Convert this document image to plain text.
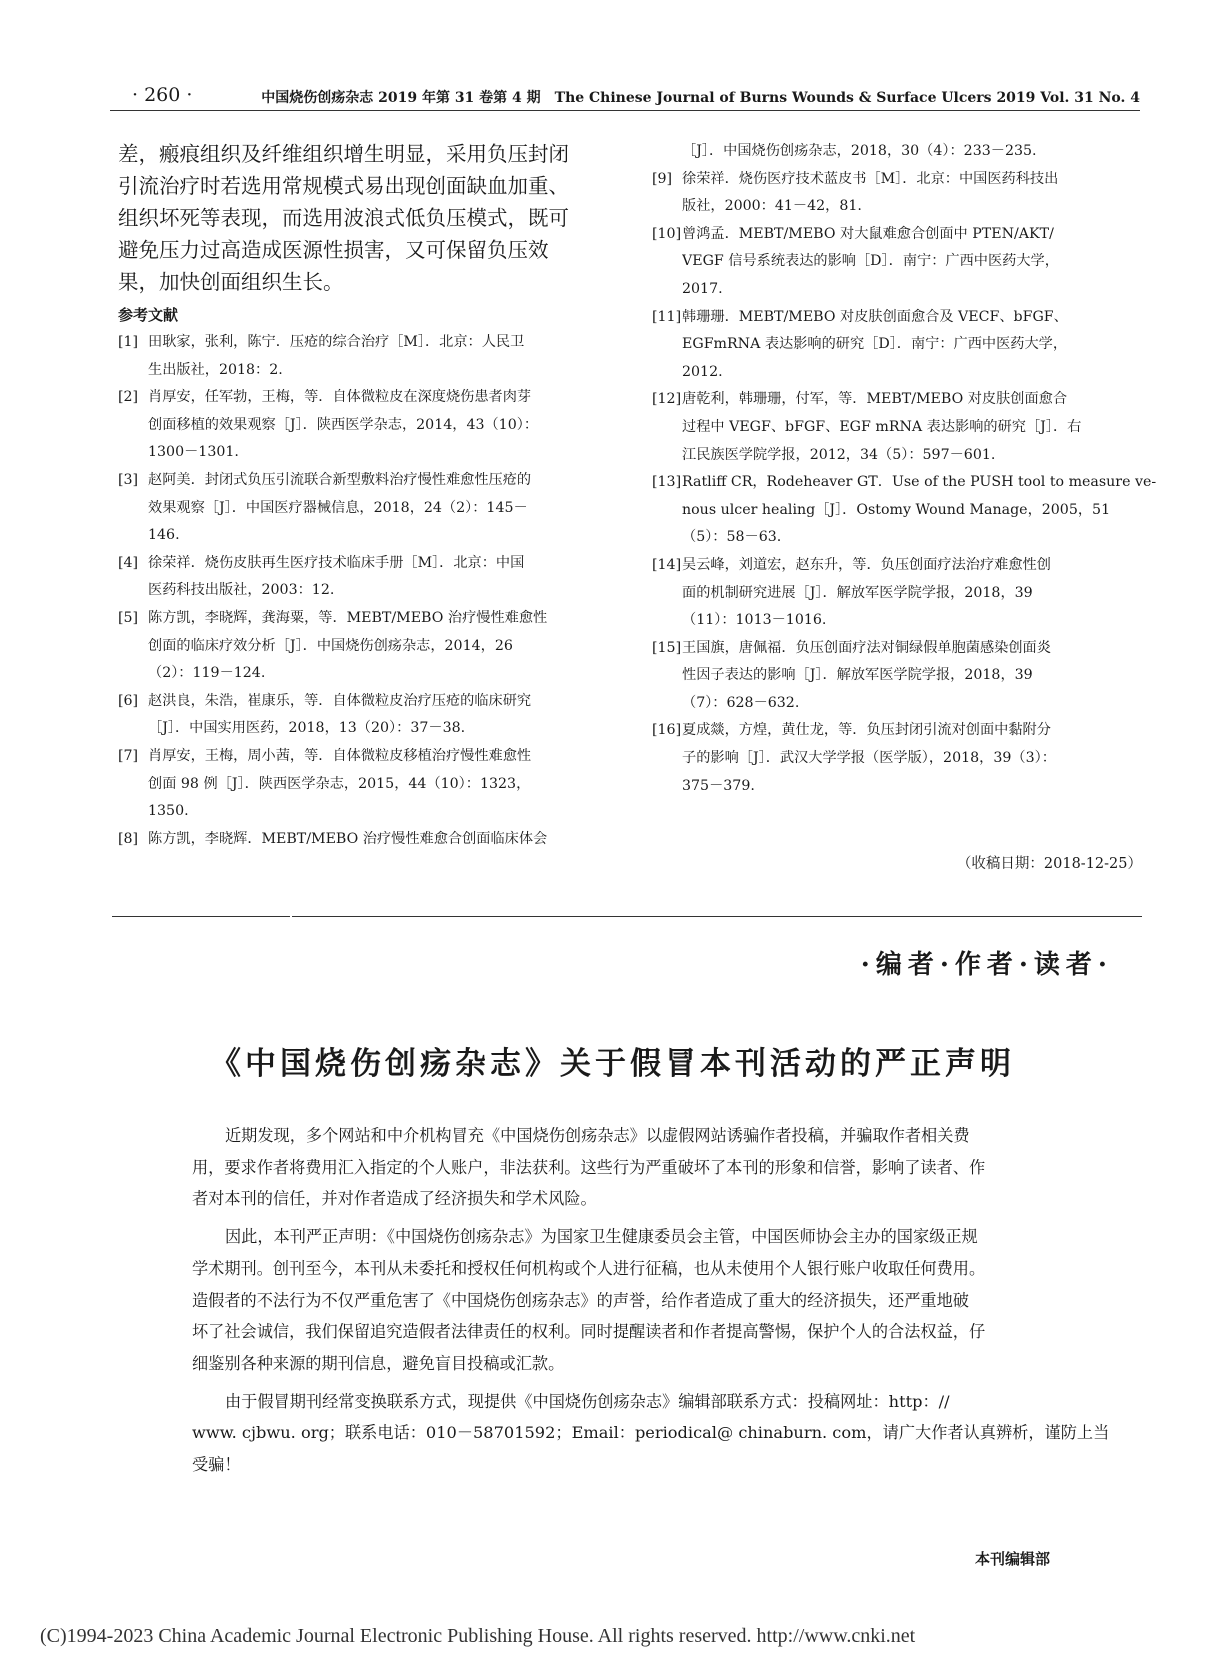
· 260 ·	中国烧伤创疡杂志 2019 年第 31 卷第 4 期　The Chinese Journal of Burns Wounds & Surface Ulcers 2019 Vol. 31 No. 4
差，瘢痕组织及纤维组织增生明显，采用负压封闭
引流治疗时若选用常规模式易出现创面缺血加重、
组织坏死等表现，而选用波浪式低负压模式，既可
避免压力过高造成医源性损害，又可保留负压效
果，加快创面组织生长。
参考文献
[1] 田耿家，张利，陈宁．压疮的综合治疗［M］．北京：人民卫
生出版社，2018：2.
[2] 肖厚安，任军勃，王梅，等．自体微粒皮在深度烧伤患者肉芽
创面移植的效果观察［J］．陕西医学杂志，2014，43（10）：
1300－1301.
[3] 赵阿美．封闭式负压引流联合新型敷料治疗慢性难愈性压疮的
效果观察［J］．中国医疗器械信息，2018，24（2）：145－
146.
[4] 徐荣祥．烧伤皮肤再生医疗技术临床手册［M］．北京：中国
医药科技出版社，2003：12.
[5] 陈方凯，李晓辉，龚海粟，等．MEBT/MEBO 治疗慢性难愈性
创面的临床疗效分析［J］．中国烧伤创疡杂志，2014，26
（2）：119－124.
[6] 赵洪良，朱浩，崔康乐，等．自体微粒皮治疗压疮的临床研究
［J］．中国实用医药，2018，13（20）：37－38.
[7] 肖厚安，王梅，周小茜，等．自体微粒皮移植治疗慢性难愈性
创面 98 例［J］．陕西医学杂志，2015，44（10）：1323，
1350.
[8] 陈方凯，李晓辉．MEBT/MEBO 治疗慢性难愈合创面临床体会
［J］．中国烧伤创疡杂志，2018，30（4）：233－235.
[9] 徐荣祥．烧伤医疗技术蓝皮书［M］．北京：中国医药科技出
版社，2000：41－42，81.
[10] 曾鸿孟．MEBT/MEBO 对大鼠难愈合创面中 PTEN/AKT/
VEGF 信号系统表达的影响［D］．南宁：广西中医药大学，
2017.
[11] 韩珊珊．MEBT/MEBO 对皮肤创面愈合及 VECF、bFGF、
EGFmRNA 表达影响的研究［D］．南宁：广西中医药大学，
2012.
[12] 唐乾利，韩珊珊，付军，等．MEBT/MEBO 对皮肤创面愈合
过程中 VEGF、bFGF、EGF mRNA 表达影响的研究［J］．右
江民族医学院学报，2012，34（5）：597－601.
[13] Ratliff CR，Rodeheaver GT．Use of the PUSH tool to measure ve-
nous ulcer healing［J］．Ostomy Wound Manage，2005，51
（5）：58－63.
[14] 吴云峰，刘道宏，赵东升，等．负压创面疗法治疗难愈性创
面的机制研究进展［J］．解放军医学院学报，2018，39
（11）：1013－1016.
[15] 王国旗，唐佩福．负压创面疗法对铜绿假单胞菌感染创面炎
性因子表达的影响［J］．解放军医学院学报，2018，39
（7）：628－632.
[16] 夏成燚，方煌，黄仕龙，等．负压封闭引流对创面中黏附分
子的影响［J］．武汉大学学报（医学版），2018，39（3）：
375－379.
（收稿日期：2018-12-25）
·编者·作者·读者·
《中国烧伤创疡杂志》关于假冒本刊活动的严正声明

近期发现，多个网站和中介机构冒充《中国烧伤创疡杂志》以虚假网站诱骗作者投稿，并骗取作者相关费
用，要求作者将费用汇入指定的个人账户，非法获利。这些行为严重破坏了本刊的形象和信誉，影响了读者、作
者对本刊的信任，并对作者造成了经济损失和学术风险。

因此，本刊严正声明：《中国烧伤创疡杂志》为国家卫生健康委员会主管，中国医师协会主办的国家级正规
学术期刊。创刊至今，本刊从未委托和授权任何机构或个人进行征稿，也从未使用个人银行账户收取任何费用。
造假者的不法行为不仅严重危害了《中国烧伤创疡杂志》的声誉，给作者造成了重大的经济损失，还严重地破
坏了社会诚信，我们保留追究造假者法律责任的权利。同时提醒读者和作者提高警惕，保护个人的合法权益，仔
细鉴别各种来源的期刊信息，避免盲目投稿或汇款。

由于假冒期刊经常变换联系方式，现提供《中国烧伤创疡杂志》编辑部联系方式：投稿网址：http：//
www. cjbwu. org；联系电话：010－58701592；Email：periodical@ chinaburn. com，请广大作者认真辨析，谨防上当
受骗！

本刊编辑部
(C)1994-2023 China Academic Journal Electronic Publishing House. All rights reserved. http://www.cnki.net
